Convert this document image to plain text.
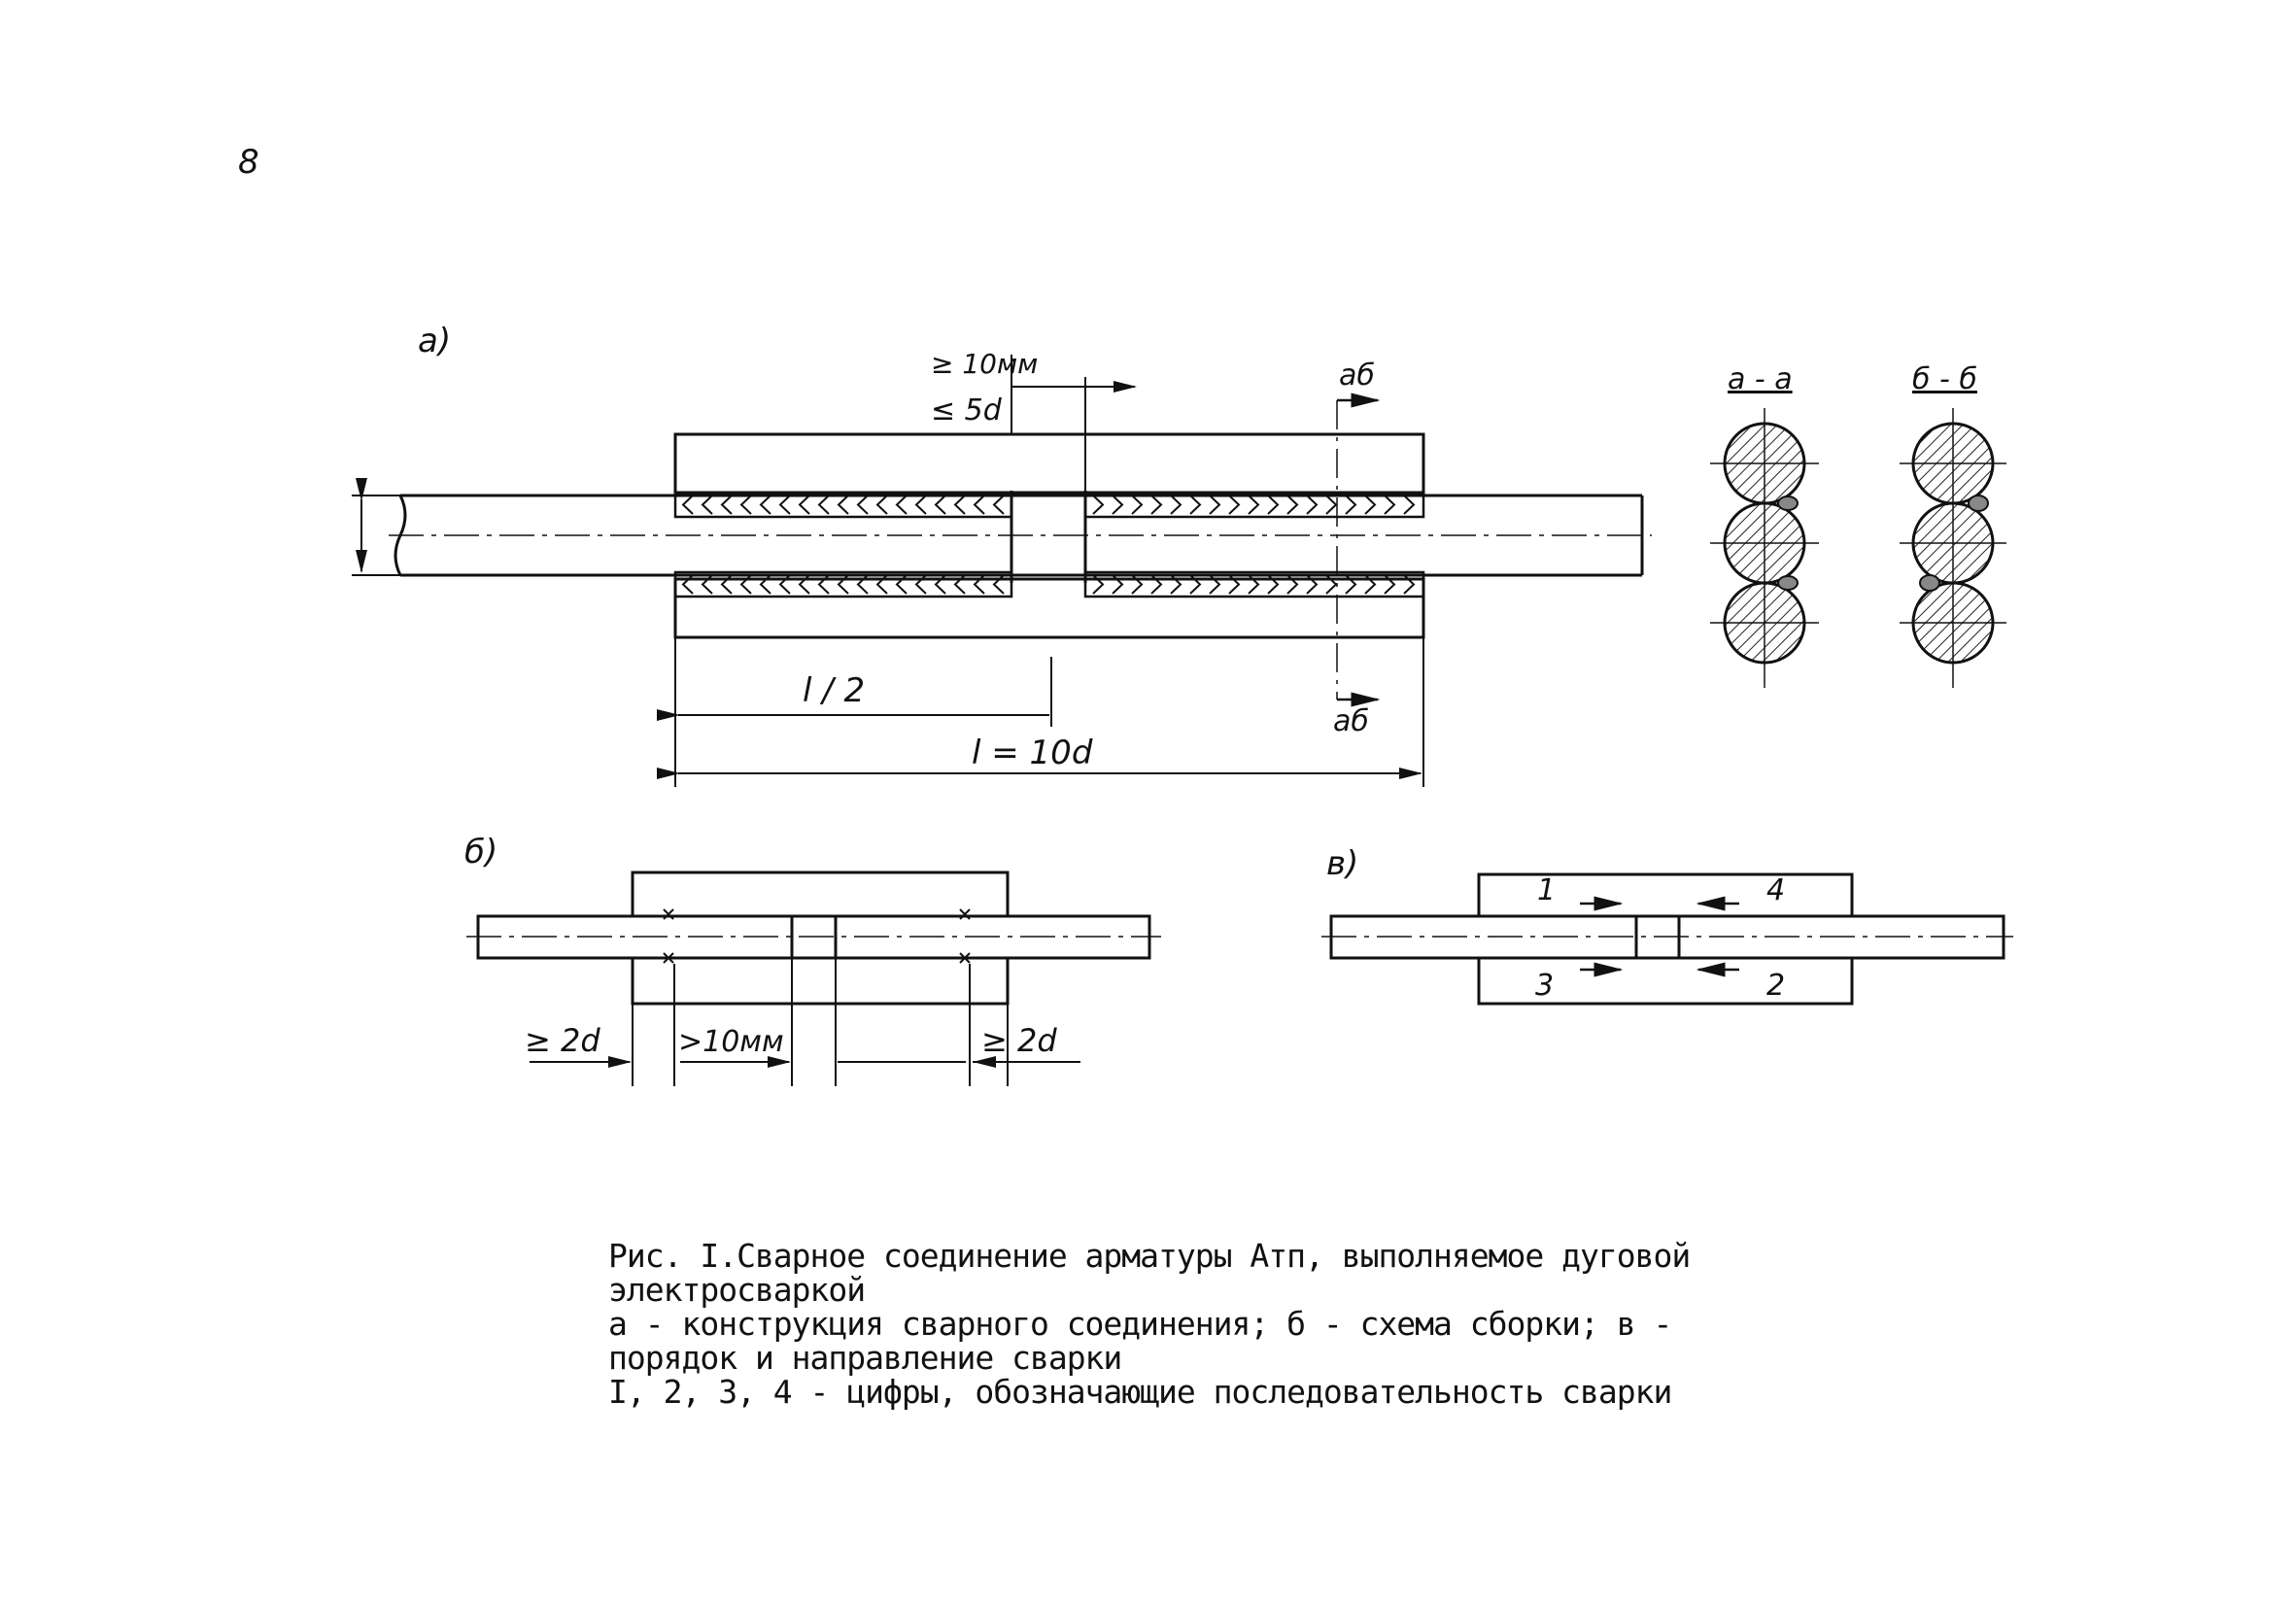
8
а)
≥ 10мм
≤ 5d
аб
аб
l / 2
l = 10d
а - а	б - б
б)
≥ 2d	>10мм	≥ 2d
в)
1	4
3	2
Рис. I.Сварное соединение арматуры Атп, выполняемое дуговой
электросваркой
а - конструкция сварного соединения; б - схема сборки; в -
порядок и направление сварки
I, 2, 3, 4 - цифры, обозначающие последовательность сварки
